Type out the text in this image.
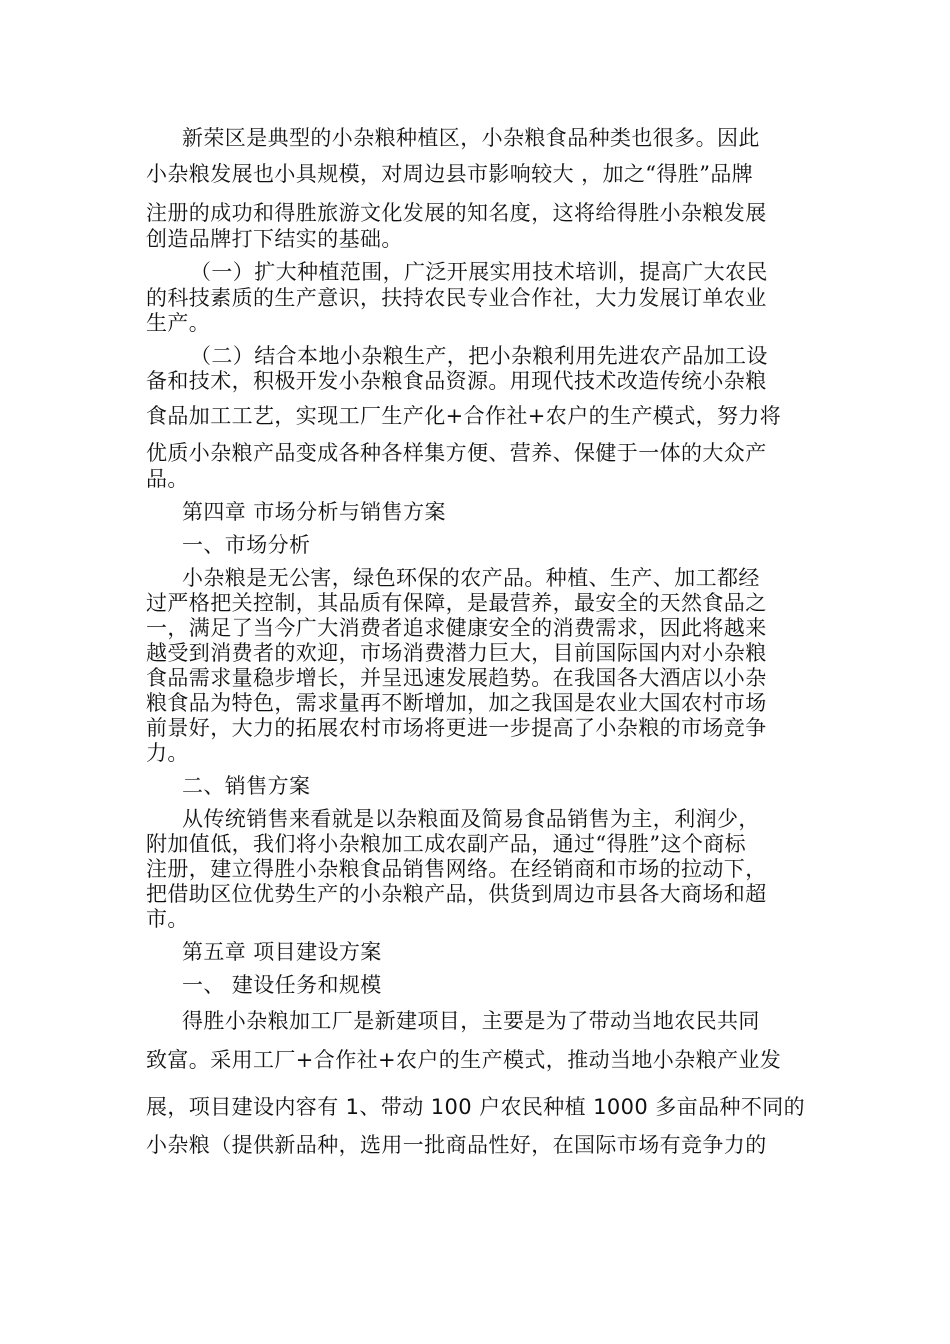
新荣区是典型的小杂粮种植区，小杂粮食品种类也很多。因此

小杂粮发展也小具规模，对周边县市影响较大 ，加之“得胜”品牌

注册的成功和得胜旅游文化发展的知名度，这将给得胜小杂粮发展

创造品牌打下结实的基础。

（一）扩大种植范围，广泛开展实用技术培训，提高广大农民

的科技素质的生产意识，扶持农民专业合作社，大力发展订单农业

生产。

（二）结合本地小杂粮生产，把小杂粮利用先进农产品加工设

备和技术，积极开发小杂粮食品资源。用现代技术改造传统小杂粮

食品加工工艺，实现工厂生产化+合作社+农户的生产模式，努力将

优质小杂粮产品变成各种各样集方便、营养、保健于一体的大众产

品。

第四章 市场分析与销售方案

一、市场分析

小杂粮是无公害，绿色环保的农产品。种植、生产、加工都经

过严格把关控制，其品质有保障，是最营养，最安全的天然食品之

一，满足了当今广大消费者追求健康安全的消费需求，因此将越来

越受到消费者的欢迎，市场消费潜力巨大，目前国际国内对小杂粮

食品需求量稳步增长，并呈迅速发展趋势。在我国各大酒店以小杂

粮食品为特色，需求量再不断增加，加之我国是农业大国农村市场

前景好，大力的拓展农村市场将更进一步提高了小杂粮的市场竞争

力。

二、销售方案

从传统销售来看就是以杂粮面及简易食品销售为主，利润少，

附加值低，我们将小杂粮加工成农副产品，通过“得胜”这个商标

注册，建立得胜小杂粮食品销售网络。在经销商和市场的拉动下，

把借助区位优势生产的小杂粮产品，供货到周边市县各大商场和超

市。

第五章 项目建设方案

一、 建设任务和规模

得胜小杂粮加工厂是新建项目，主要是为了带动当地农民共同

致富。采用工厂+合作社+农户的生产模式，推动当地小杂粮产业发

展，项目建设内容有 1、带动 100 户农民种植 1000 多亩品种不同的

小杂粮（提供新品种，选用一批商品性好，在国际市场有竞争力的
